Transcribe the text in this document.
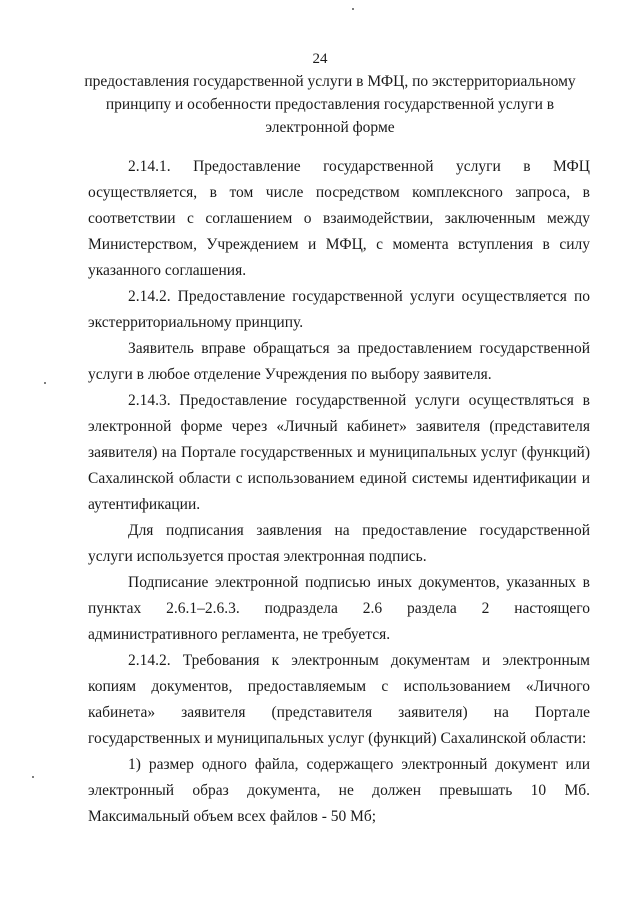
24
предоставления государственной услуги в МФЦ, по экстерриториальному принципу и особенности предоставления государственной услуги в электронной форме

2.14.1. Предоставление государственной услуги в МФЦ осуществляется, в том числе посредством комплексного запроса, в соответствии с соглашением о взаимодействии, заключенным между Министерством, Учреждением и МФЦ, с момента вступления в силу указанного соглашения.

2.14.2. Предоставление государственной услуги осуществляется по экстерриториальному принципу.

Заявитель вправе обращаться за предоставлением государственной услуги в любое отделение Учреждения по выбору заявителя.

2.14.3. Предоставление государственной услуги осуществляться в электронной форме через «Личный кабинет» заявителя (представителя заявителя) на Портале государственных и муниципальных услуг (функций) Сахалинской области с использованием единой системы идентификации и аутентификации.

Для подписания заявления на предоставление государственной услуги используется простая электронная подпись.

Подписание электронной подписью иных документов, указанных в пунктах 2.6.1–2.6.3. подраздела 2.6 раздела 2 настоящего административного регламента, не требуется.

2.14.2. Требования к электронным документам и электронным копиям документов, предоставляемым с использованием «Личного кабинета» заявителя (представителя заявителя) на Портале государственных и муниципальных услуг (функций) Сахалинской области:

1) размер одного файла, содержащего электронный документ или электронный образ документа, не должен превышать 10 Мб. Максимальный объем всех файлов - 50 Мб;
